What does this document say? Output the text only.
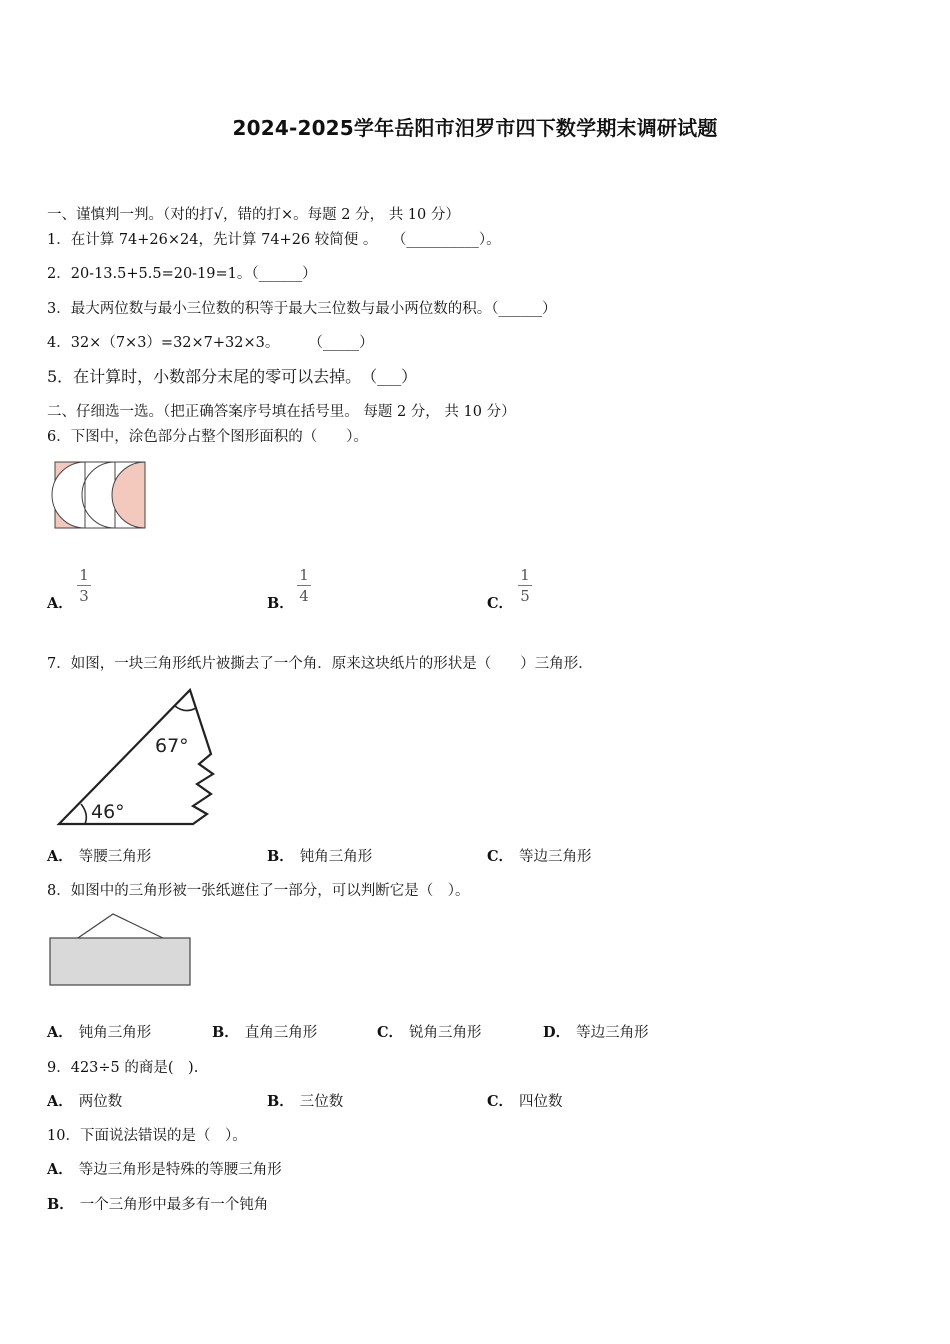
2024-2025学年岳阳市汨罗市四下数学期末调研试题
一、谨慎判一判。（对的打√，错的打×。每题 2 分， 共 10 分）
1．在计算 74+26×24，先计算 74+26 较简便 。　　（__________）。
2．20-13.5+5.5=20-19=1。（______）
3．最大两位数与最小三位数的积等于最大三位数与最小两位数的积。（______）
4．32×（7×3）=32×7+32×3。　　　（_____）
5．在计算时，小数部分末尾的零可以去掉。　（___）
二、仔细选一选。（把正确答案序号填在括号里。 每题 2 分， 共 10 分）
6．下图中，涂色部分占整个图形面积的（　　）。
A．
1
3	B．
1
4	C．
1
5
7．如图，一块三角形纸片被撕去了一个角．原来这块纸片的形状是（　　）三角形．
67°
46°
A． 等腰三角形	B． 钝角三角形	C． 等边三角形
8．如图中的三角形被一张纸遮住了一部分，可以判断它是（　）。
A． 钝角三角形	B． 直角三角形	C． 锐角三角形	D． 等边三角形
9．423÷5 的商是(　).
A． 两位数	B． 三位数	C． 四位数
10．下面说法错误的是（　）。
A． 等边三角形是特殊的等腰三角形
B． 一个三角形中最多有一个钝角
